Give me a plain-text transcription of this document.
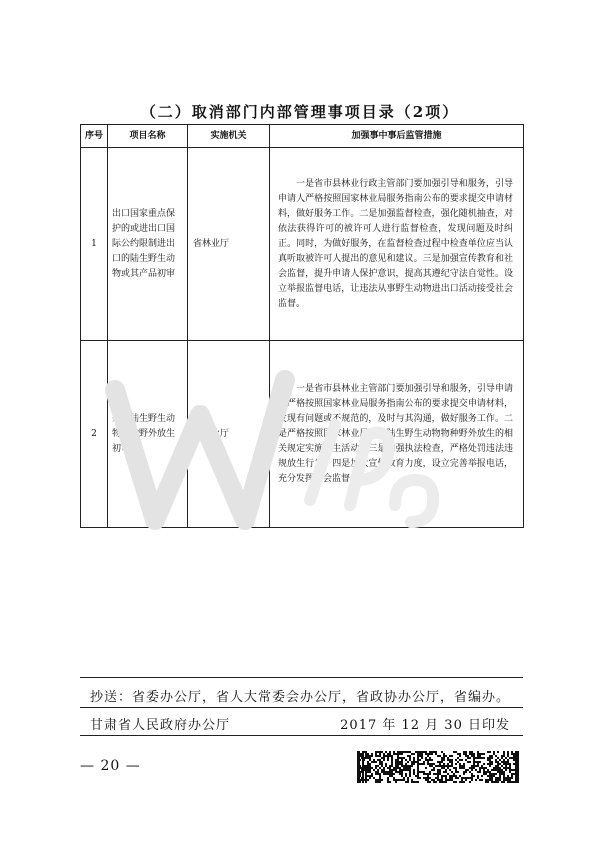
（二）取消部门内部管理事项目录（2项）
序号	项目名称	实施机关	加强事中事后监管措施
1	出口国家重点保护的或进出口国际公约限制进出口的陆生野生动物或其产品初审	省林业厅	一是省市县林业行政主管部门要加强引导和服务，引导申请人严格按照国家林业局服务指南公布的要求提交申请材料，做好服务工作。二是加强监督检查，强化随机抽查，对依法获得许可的被许可人进行监督检查，发现问题及时纠正。同时，为做好服务，在监督检查过程中检查单位应当认真听取被许可人提出的意见和建议。三是加强宣传教育和社会监督，提升申请人保护意识，提高其遵纪守法自觉性。设立举报监督电话，让违法从事野生动物进出口活动接受社会监督。
2	外来陆生野生动物物种野外放生初审	省林业厅	一是省市县林业主管部门要加强引导和服务，引导申请人严格按照国家林业局服务指南公布的要求提交申请材料，发现有问题或不规范的，及时与其沟通，做好服务工作。二是严格按照国家林业局外来陆生野生动物物种野外放生的相关规定实施放生活动。三是加强执法检查，严格处罚违法违规放生行为。四是加大宣传教育力度，设立完善举报电话，充分发挥社会监督作用。
抄送：省委办公厅，省人大常委会办公厅，省政协办公厅，省编办。
甘肃省人民政府办公厅	2017 年 12 月 30 日印发
— 20 —
